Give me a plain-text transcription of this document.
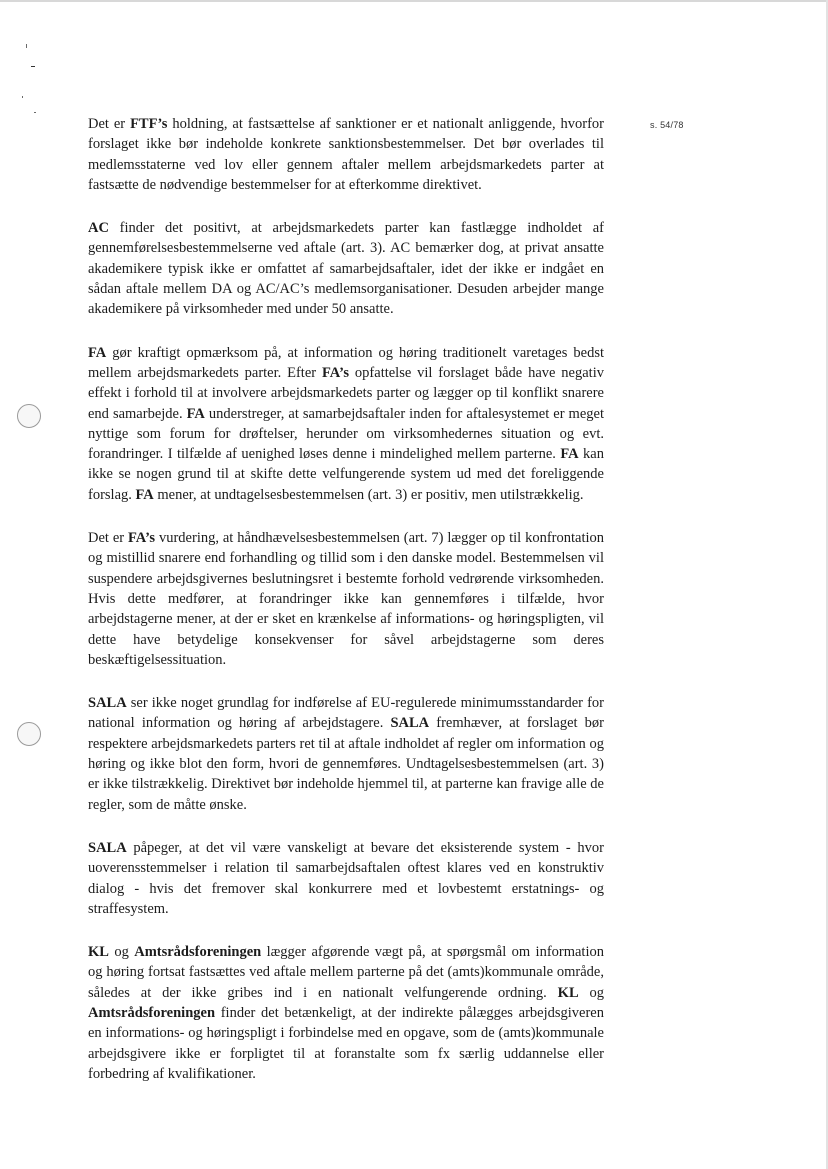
s. 54/78

Det er FTF’s holdning, at fastsættelse af sanktioner er et nationalt anliggende, hvorfor forslaget ikke bør indeholde konkrete sanktionsbestemmelser. Det bør overlades til medlemsstaterne ved lov eller gennem aftaler mellem arbejdsmarkedets parter at fastsætte de nødvendige bestemmelser for at efterkomme direktivet.

AC finder det positivt, at arbejdsmarkedets parter kan fastlægge indholdet af gennemførelsesbestemmelserne ved aftale (art. 3). AC bemærker dog, at privat ansatte akademikere typisk ikke er omfattet af samarbejdsaftaler, idet der ikke er indgået en sådan aftale mellem DA og AC/AC’s medlemsorganisationer. Desuden arbejder mange akademikere på virksomheder med under 50 ansatte.

FA gør kraftigt opmærksom på, at information og høring traditionelt varetages bedst mellem arbejdsmarkedets parter. Efter FA’s opfattelse vil forslaget både have negativ effekt i forhold til at involvere arbejdsmarkedets parter og lægger op til konflikt snarere end samarbejde. FA understreger, at samarbejdsaftaler inden for aftalesystemet er meget nyttige som forum for drøftelser, herunder om virksomhedernes situation og evt. forandringer. I tilfælde af uenighed løses denne i mindelighed mellem parterne. FA kan ikke se nogen grund til at skifte dette velfungerende system ud med det foreliggende forslag. FA mener, at undtagelsesbestemmelsen (art. 3) er positiv, men utilstrækkelig.

Det er FA’s vurdering, at håndhævelsesbestemmelsen (art. 7) lægger op til konfrontation og mistillid snarere end forhandling og tillid som i den danske model. Bestemmelsen vil suspendere arbejdsgivernes beslutningsret i bestemte forhold vedrørende virksomheden. Hvis dette medfører, at forandringer ikke kan gennemføres i tilfælde, hvor arbejdstagerne mener, at der er sket en krænkelse af informations- og høringspligten, vil dette have betydelige konsekvenser for såvel arbejdstagerne som deres beskæftigelsessituation.

SALA ser ikke noget grundlag for indførelse af EU-regulerede minimumsstandarder for national information og høring af arbejdstagere. SALA fremhæver, at forslaget bør respektere arbejdsmarkedets parters ret til at aftale indholdet af regler om information og høring og ikke blot den form, hvori de gennemføres. Undtagelsesbestemmelsen (art. 3) er ikke tilstrækkelig. Direktivet bør indeholde hjemmel til, at parterne kan fravige alle de regler, som de måtte ønske.

SALA påpeger, at det vil være vanskeligt at bevare det eksisterende system - hvor uoverensstemmelser i relation til samarbejdsaftalen oftest klares ved en konstruktiv dialog - hvis det fremover skal konkurrere med et lovbestemt erstatnings- og straffesystem.

KL og Amtsrådsforeningen lægger afgørende vægt på, at spørgsmål om information og høring fortsat fastsættes ved aftale mellem parterne på det (amts)kommunale område, således at der ikke gribes ind i en nationalt velfungerende ordning. KL og Amtsrådsforeningen finder det betænkeligt, at der indirekte pålægges arbejdsgiveren en informations- og høringspligt i forbindelse med en opgave, som de (amts)kommunale arbejdsgivere ikke er forpligtet til at foranstalte som fx særlig uddannelse eller forbedring af kvalifikationer.
